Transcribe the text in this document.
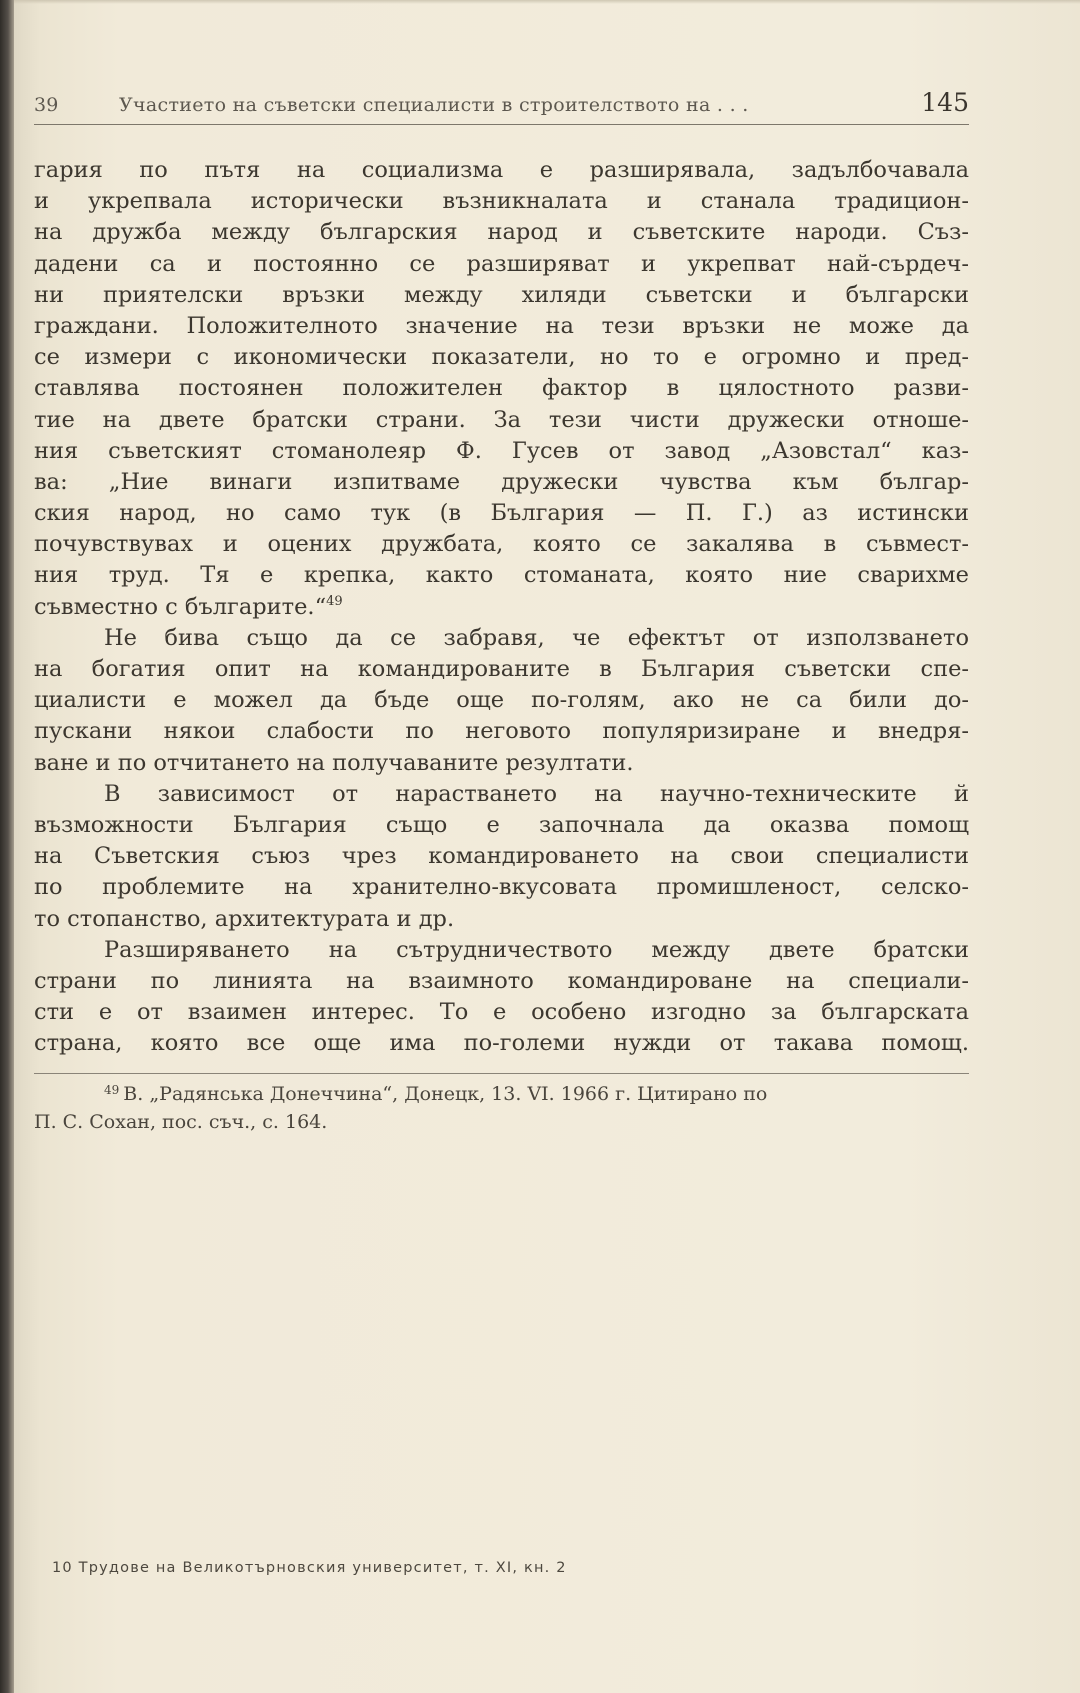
39	Участието на съветски специалисти в строителството на . . .	145
гария по пътя на социализма е разширявала, задълбочавала
и укрепвала исторически възникналата и станала традицион-
на дружба между българския народ и съветските народи. Съз-
дадени са и постоянно се разширяват и укрепват най-сърдеч-
ни приятелски връзки между хиляди съветски и български
граждани. Положителното значение на тези връзки не може да
се измери с икономически показатели, но то е огромно и пред-
ставлява постоянен положителен фактор в цялостното разви-
тие на двете братски страни. За тези чисти дружески отноше-
ния съветският стоманолеяр Ф. Гусев от завод „Азовстал“ каз-
ва: „Ние винаги изпитваме дружески чувства към българ-
ския народ, но само тук (в България — П. Г.) аз истински
почувствувах и оцених дружбата, която се закалява в съвмест-
ния труд. Тя е крепка, както стоманата, която ние сварихме
съвместно с българите.“$^{49}$
Не бива също да се забравя, че ефектът от използването
на богатия опит на командированите в България съветски спе-
циалисти е можел да бъде още по-голям, ако не са били до-
пускани някои слабости по неговото популяризиране и внедря-
ване и по отчитането на получаваните резултати.
В зависимост от нарастването на научно-техническите й
възможности България също е започнала да оказва помощ
на Съветския съюз чрез командироването на свои специалисти
по проблемите на хранително-вкусовата промишленост, селско-
то стопанство, архитектурата и др.
Разширяването на сътрудничеството между двете братски
страни по линията на взаимното командироване на специали-
сти е от взаимен интерес. То е особено изгодно за българската
страна, която все още има по-големи нужди от такава помощ.
$^{49}$ В. „Радянська Донеччина“, Донецк, 13. VI. 1966 г. Цитирано по
П. С. Сохан, пос. съч., с. 164.
10 Трудове на Великотърновския университет, т. XI, кн. 2
